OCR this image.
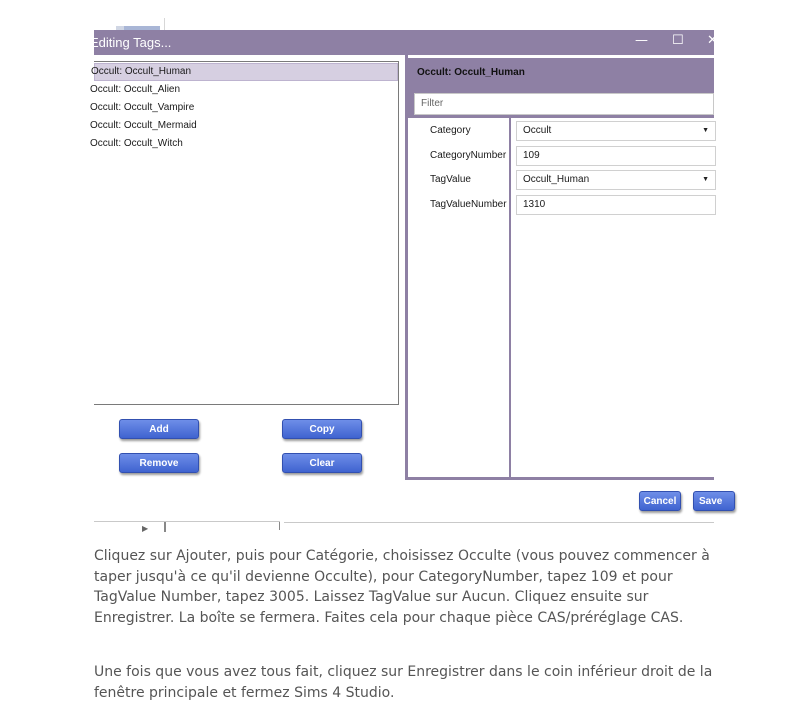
Editing Tags...	— ☐ ✕
Occult: Occult_Human
Occult: Occult_Alien
Occult: Occult_Vampire
Occult: Occult_Mermaid
Occult: Occult_Witch
Add	Copy
Remove	Clear
Occult: Occult_Human
Filter
Category	Occult	▼
CategoryNumber	109
TagValue	Occult_Human	▼
TagValueNumber	1310
Cancel	Save
▶

Cliquez sur Ajouter, puis pour Catégorie, choisissez Occulte (vous pouvez commencer à taper jusqu'à ce qu'il devienne Occulte), pour CategoryNumber, tapez 109 et pour TagValue Number, tapez 3005. Laissez TagValue sur Aucun. Cliquez ensuite sur Enregistrer. La boîte se fermera. Faites cela pour chaque pièce CAS/préréglage CAS.

Une fois que vous avez tous fait, cliquez sur Enregistrer dans le coin inférieur droit de la fenêtre principale et fermez Sims 4 Studio.
